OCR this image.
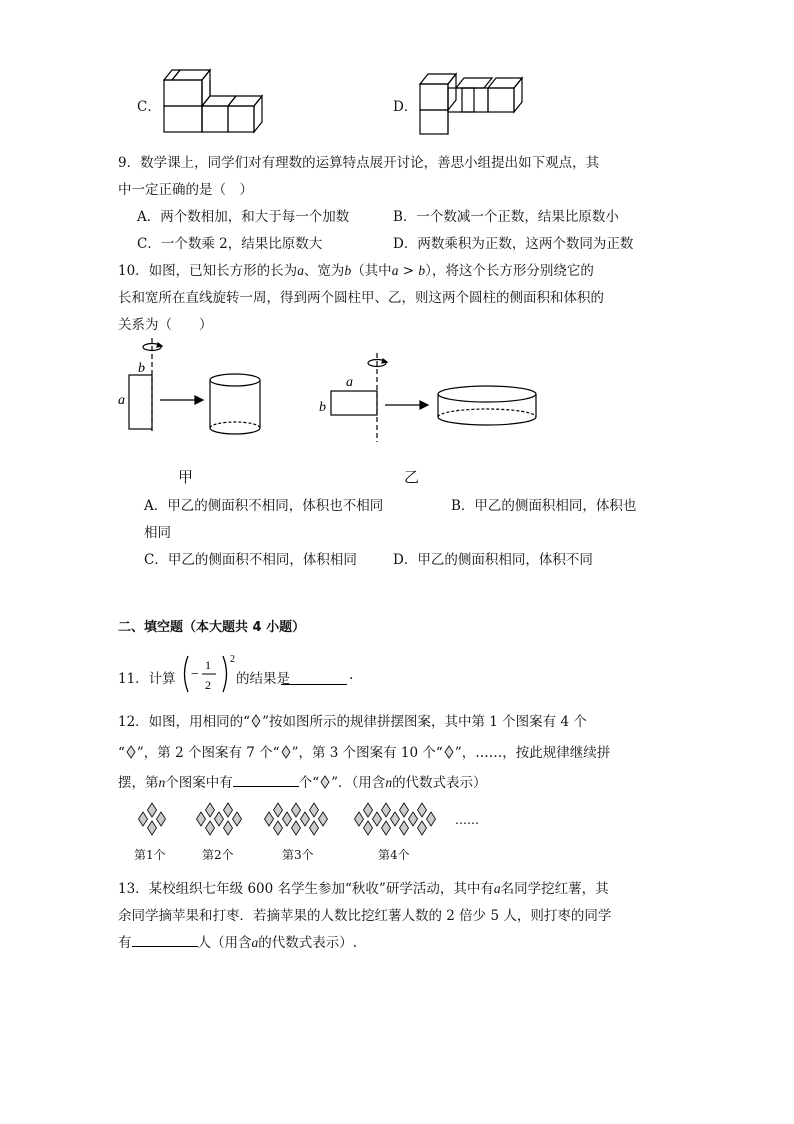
C．	D．
9．数学课上，同学们对有理数的运算特点展开讨论，善思小组提出如下观点，其
中一定正确的是（　）
A．两个数相加，和大于每一个加数	B．一个数减一个正数，结果比原数小
C．一个数乘 2，结果比原数大	D．两数乘积为正数，这两个数同为正数
10．如图，已知长方形的长为a、宽为b（其中a > b），将这个长方形分别绕它的
长和宽所在直线旋转一周，得到两个圆柱甲、乙，则这两个圆柱的侧面积和体积的
关系为（　　）
b
a
甲
a
b
乙
A．甲乙的侧面积不相同，体积也不相同	B．甲乙的侧面积相同，体积也
相同
C．甲乙的侧面积不相同，体积相同	D．甲乙的侧面积相同，体积不同
二、填空题（本大题共 4 小题）
11．计算 −
1
2
2
的结果是	.
12．如图，用相同的“ ”按如图所示的规律拼摆图案，其中第 1 个图案有 4 个
“ ”，第 2 个图案有 7 个“ ”，第 3 个图案有 10 个“ ”，……，按此规律继续拼
摆，第n个图案中有	个“ ”．（用含n的代数式表示）
……
第1个	第2个	第3个	第4个
13．某校组织七年级 600 名学生参加“秋收”研学活动，其中有a名同学挖红薯，其
余同学摘苹果和打枣．若摘苹果的人数比挖红薯人数的 2 倍少 5 人，则打枣的同学
有	人（用含a的代数式表示）.
